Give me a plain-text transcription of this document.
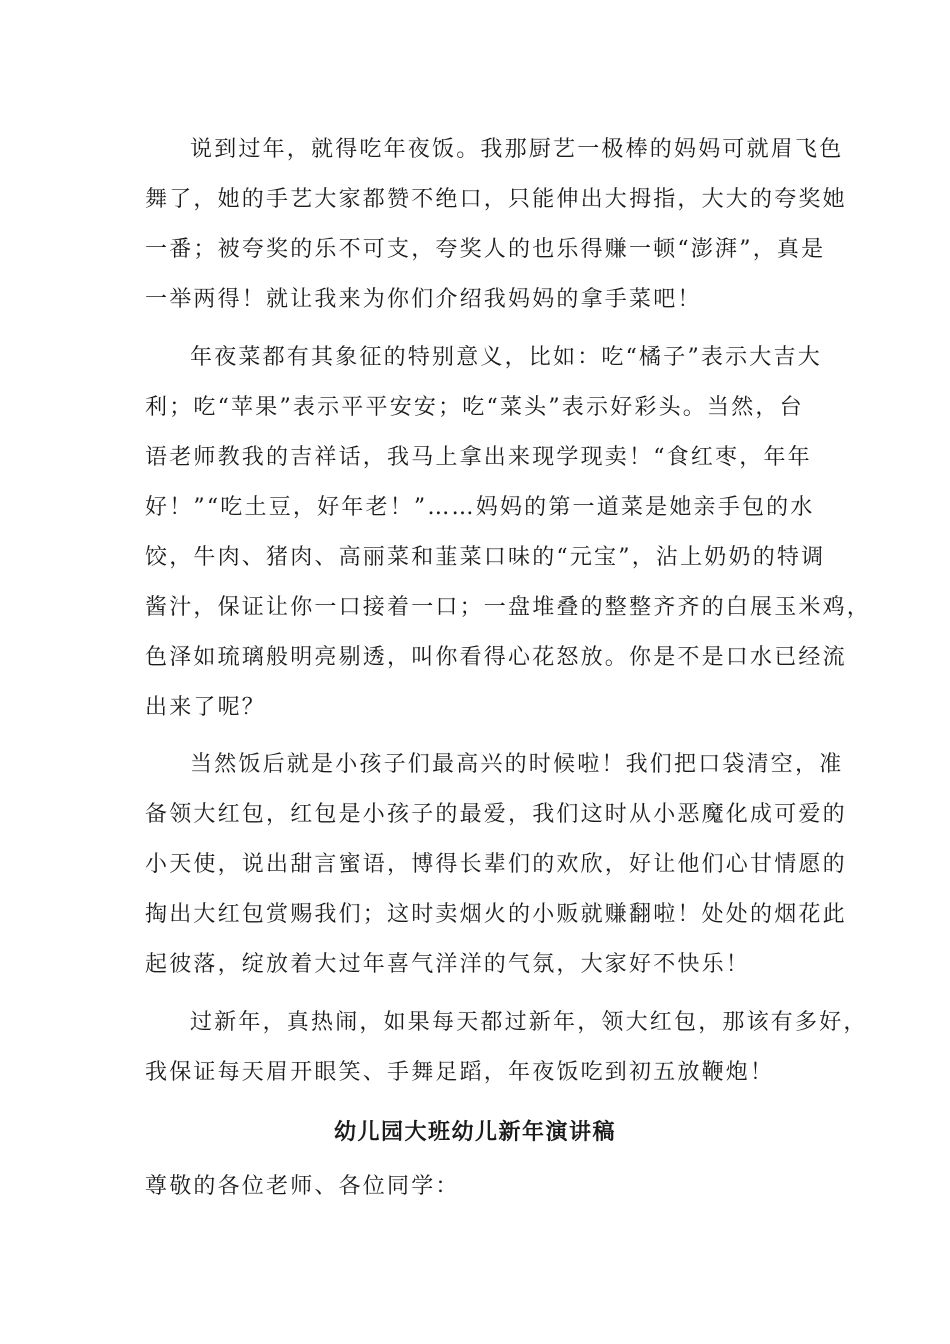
说到过年，就得吃年夜饭。我那厨艺一极棒的妈妈可就眉飞色
舞了，她的手艺大家都赞不绝口，只能伸出大拇指，大大的夸奖她
一番；被夸奖的乐不可支，夸奖人的也乐得赚一顿“澎湃”，真是
一举两得！就让我来为你们介绍我妈妈的拿手菜吧！
年夜菜都有其象征的特别意义，比如：吃“橘子”表示大吉大
利；吃“苹果”表示平平安安；吃“菜头”表示好彩头。当然，台
语老师教我的吉祥话，我马上拿出来现学现卖！“食红枣，年年
好！”“吃土豆，好年老！”……妈妈的第一道菜是她亲手包的水
饺，牛肉、猪肉、高丽菜和韮菜口味的“元宝”，沾上奶奶的特调
酱汁，保证让你一口接着一口；一盘堆叠的整整齐齐的白展玉米鸡，
色泽如琉璃般明亮剔透，叫你看得心花怒放。你是不是口水已经流
出来了呢？
当然饭后就是小孩子们最高兴的时候啦！我们把口袋清空，准
备领大红包，红包是小孩子的最爱，我们这时从小恶魔化成可爱的
小天使，说出甜言蜜语，博得长辈们的欢欣，好让他们心甘情愿的
掏出大红包赏赐我们；这时卖烟火的小贩就赚翻啦！处处的烟花此
起彼落，绽放着大过年喜气洋洋的气氛，大家好不快乐！
过新年，真热闹，如果每天都过新年，领大红包，那该有多好，
我保证每天眉开眼笑、手舞足蹈，年夜饭吃到初五放鞭炮！
幼儿园大班幼儿新年演讲稿
尊敬的各位老师、各位同学：
